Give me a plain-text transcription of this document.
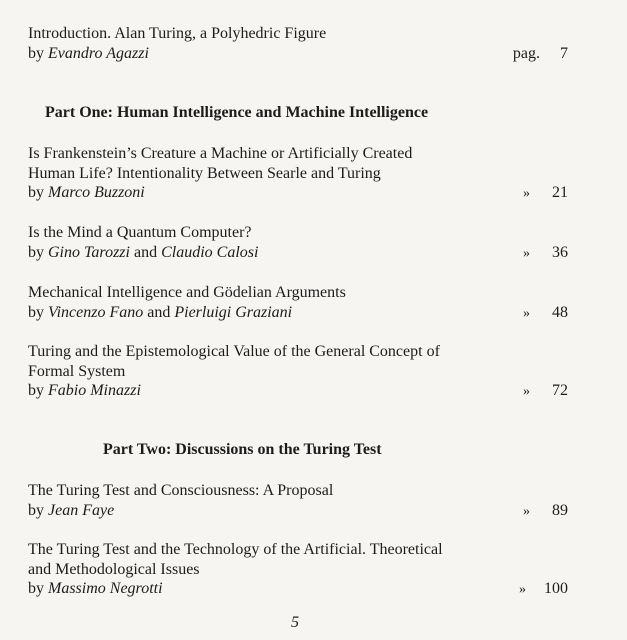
Introduction. Alan Turing, a Polyhedric Figure
by Evandro Agazzi	pag. 7
Part One: Human Intelligence and Machine Intelligence
Is Frankenstein’s Creature a Machine or Artificially Created
Human Life? Intentionality Between Searle and Turing
by Marco Buzzoni	» 21
Is the Mind a Quantum Computer?
by Gino Tarozzi and Claudio Calosi	» 36
Mechanical Intelligence and Gödelian Arguments
by Vincenzo Fano and Pierluigi Graziani	» 48
Turing and the Epistemological Value of the General Concept of
Formal System
by Fabio Minazzi	» 72
Part Two: Discussions on the Turing Test
The Turing Test and Consciousness: A Proposal
by Jean Faye	» 89
The Turing Test and the Technology of the Artificial. Theoretical
and Methodological Issues
by Massimo Negrotti	» 100
5
